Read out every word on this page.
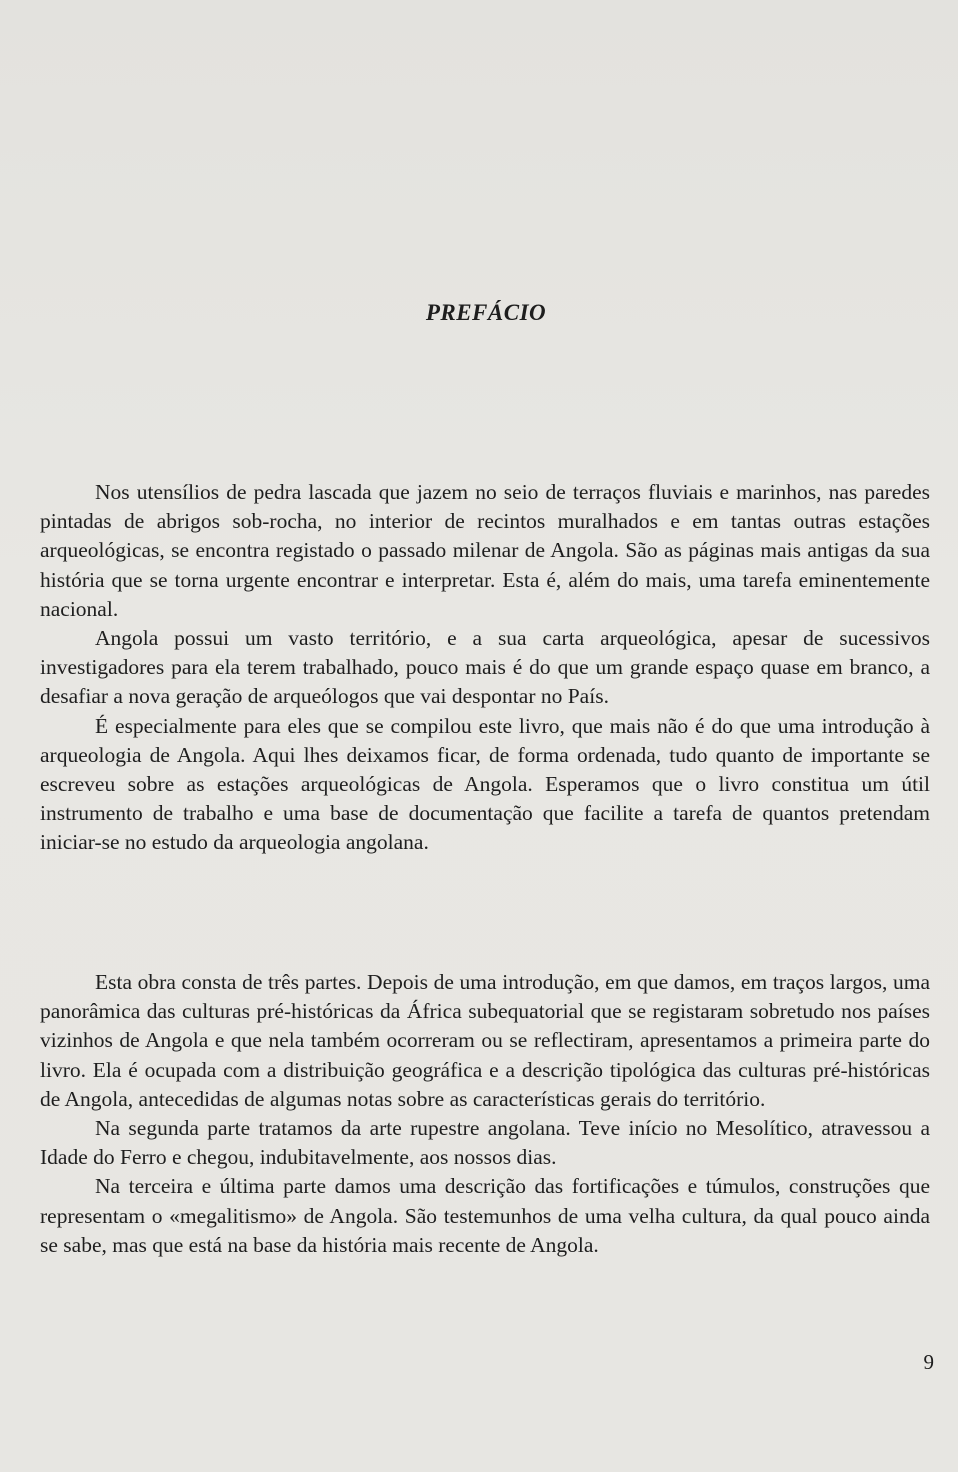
PREFÁCIO

Nos utensílios de pedra lascada que jazem no seio de terraços fluviais e marinhos, nas paredes pintadas de abrigos sob-rocha, no interior de recintos muralhados e em tantas outras estações arqueológicas, se encontra registado o passado milenar de Angola. São as páginas mais antigas da sua história que se torna urgente encontrar e interpretar. Esta é, além do mais, uma tarefa eminentemente nacional.

Angola possui um vasto território, e a sua carta arqueológica, apesar de sucessivos investigadores para ela terem trabalhado, pouco mais é do que um grande espaço quase em branco, a desafiar a nova geração de arqueólogos que vai despontar no País.

É especialmente para eles que se compilou este livro, que mais não é do que uma introdução à arqueologia de Angola. Aqui lhes deixamos ficar, de forma ordenada, tudo quanto de importante se escreveu sobre as estações arqueológicas de Angola. Esperamos que o livro constitua um útil instrumento de trabalho e uma base de documentação que facilite a tarefa de quantos pretendam iniciar-se no estudo da arqueologia angolana.

Esta obra consta de três partes. Depois de uma introdução, em que damos, em traços largos, uma panorâmica das culturas pré-históricas da África subequatorial que se registaram sobretudo nos países vizinhos de Angola e que nela também ocorreram ou se reflectiram, apresentamos a primeira parte do livro. Ela é ocupada com a distribuição geográfica e a descrição tipológica das culturas pré-históricas de Angola, antecedidas de algumas notas sobre as características gerais do território.

Na segunda parte tratamos da arte rupestre angolana. Teve início no Mesolítico, atravessou a Idade do Ferro e chegou, indubitavelmente, aos nossos dias.

Na terceira e última parte damos uma descrição das fortificações e túmulos, construções que representam o «megalitismo» de Angola. São testemunhos de uma velha cultura, da qual pouco ainda se sabe, mas que está na base da história mais recente de Angola.

9
